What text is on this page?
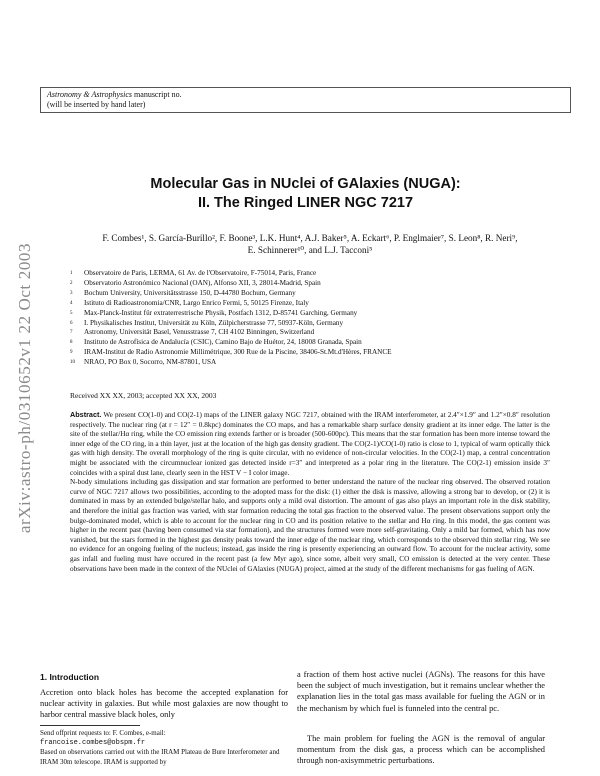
Astronomy & Astrophysics manuscript no.
(will be inserted by hand later)
arXiv:astro-ph/0310652v1 22 Oct 2003
Molecular Gas in NUclei of GAlaxies (NUGA):
II. The Ringed LINER NGC 7217
F. Combes¹, S. García-Burillo², F. Boone³, L.K. Hunt⁴, A.J. Baker⁵, A. Eckart⁶, P. Englmaier⁷, S. Leon⁸, R. Neri⁹,
E. Schinnerer¹⁰, and L.J. Tacconi⁵
1 Observatoire de Paris, LERMA, 61 Av. de l'Observatoire, F-75014, Paris, France
2 Observatorio Astronómico Nacional (OAN), Alfonso XII, 3, 28014-Madrid, Spain
3 Bochum University, Universitätsstrasse 150, D-44780 Bochum, Germany
4 Istituto di Radioastronomia/CNR, Largo Enrico Fermi, 5, 50125 Firenze, Italy
5 Max-Planck-Institut für extraterrestrische Physik, Postfach 1312, D-85741 Garching, Germany
6 I. Physikalisches Institut, Universität zu Köln, Zülpicherstrasse 77, 50937-Köln, Germany
7 Astronomy, Universität Basel, Venusstrasse 7, CH 4102 Binningen, Switzerland
8 Instituto de Astrofísica de Andalucía (CSIC), Camino Bajo de Huétor, 24, 18008 Granada, Spain
9 IRAM-Institut de Radio Astronomie Millimétrique, 300 Rue de la Piscine, 38406-St.Mt.d'Hères, FRANCE
10 NRAO, PO Box 0, Socorro, NM-87801, USA
Received XX XX, 2003; accepted XX XX, 2003

Abstract. We present CO(1-0) and CO(2-1) maps of the LINER galaxy NGC 7217, obtained with the IRAM interferometer, at 2.4″×1.9″ and 1.2″×0.8″ resolution respectively. The nuclear ring (at r = 12″ = 0.8kpc) dominates the CO maps, and has a remarkable sharp surface density gradient at its inner edge. The latter is the site of the stellar/Hα ring, while the CO emission ring extends farther or is broader (500-600pc). This means that the star formation has been more intense toward the inner edge of the CO ring, in a thin layer, just at the location of the high gas density gradient. The CO(2-1)/CO(1-0) ratio is close to 1, typical of warm optically thick gas with high density. The overall morphology of the ring is quite circular, with no evidence of non-circular velocities. In the CO(2-1) map, a central concentration might be associated with the circumnuclear ionized gas detected inside r=3″ and interpreted as a polar ring in the literature. The CO(2-1) emission inside 3″ coincides with a spiral dust lane, clearly seen in the HST V − I color image.

N-body simulations including gas dissipation and star formation are performed to better understand the nature of the nuclear ring observed. The observed rotation curve of NGC 7217 allows two possibilities, according to the adopted mass for the disk: (1) either the disk is massive, allowing a strong bar to develop, or (2) it is dominated in mass by an extended bulge/stellar halo, and supports only a mild oval distortion. The amount of gas also plays an important role in the disk stability, and therefore the initial gas fraction was varied, with star formation reducing the total gas fraction to the observed value. The present observations support only the bulge-dominated model, which is able to account for the nuclear ring in CO and its position relative to the stellar and Hα ring. In this model, the gas content was higher in the recent past (having been consumed via star formation), and the structures formed were more self-gravitating. Only a mild bar formed, which has now vanished, but the stars formed in the highest gas density peaks toward the inner edge of the nuclear ring, which corresponds to the observed thin stellar ring. We see no evidence for an ongoing fueling of the nucleus; instead, gas inside the ring is presently experiencing an outward flow. To account for the nuclear activity, some gas infall and fueling must have occured in the recent past (a few Myr ago), since some, albeit very small, CO emission is detected at the very center. These observations have been made in the context of the NUclei of GAlaxies (NUGA) project, aimed at the study of the different mechanisms for gas fueling of AGN.

1. Introduction
Accretion onto black holes has become the accepted explanation for nuclear activity in galaxies. But while most galaxies are now thought to harbor central massive black holes, only
Send offprint requests to: F. Combes, e-mail:
francoise.combes@obspm.fr
Based on observations carried out with the IRAM Plateau de Bure Interferometer and IRAM 30m telescope. IRAM is supported by
a fraction of them host active nuclei (AGNs). The reasons for this have been the subject of much investigation, but it remains unclear whether the explanation lies in the total gas mass available for fueling the AGN or in the mechanism by which fuel is funneled into the central pc.
The main problem for fueling the AGN is the removal of angular momentum from the disk gas, a process which can be accomplished through non-axisymmetric perturbations.
